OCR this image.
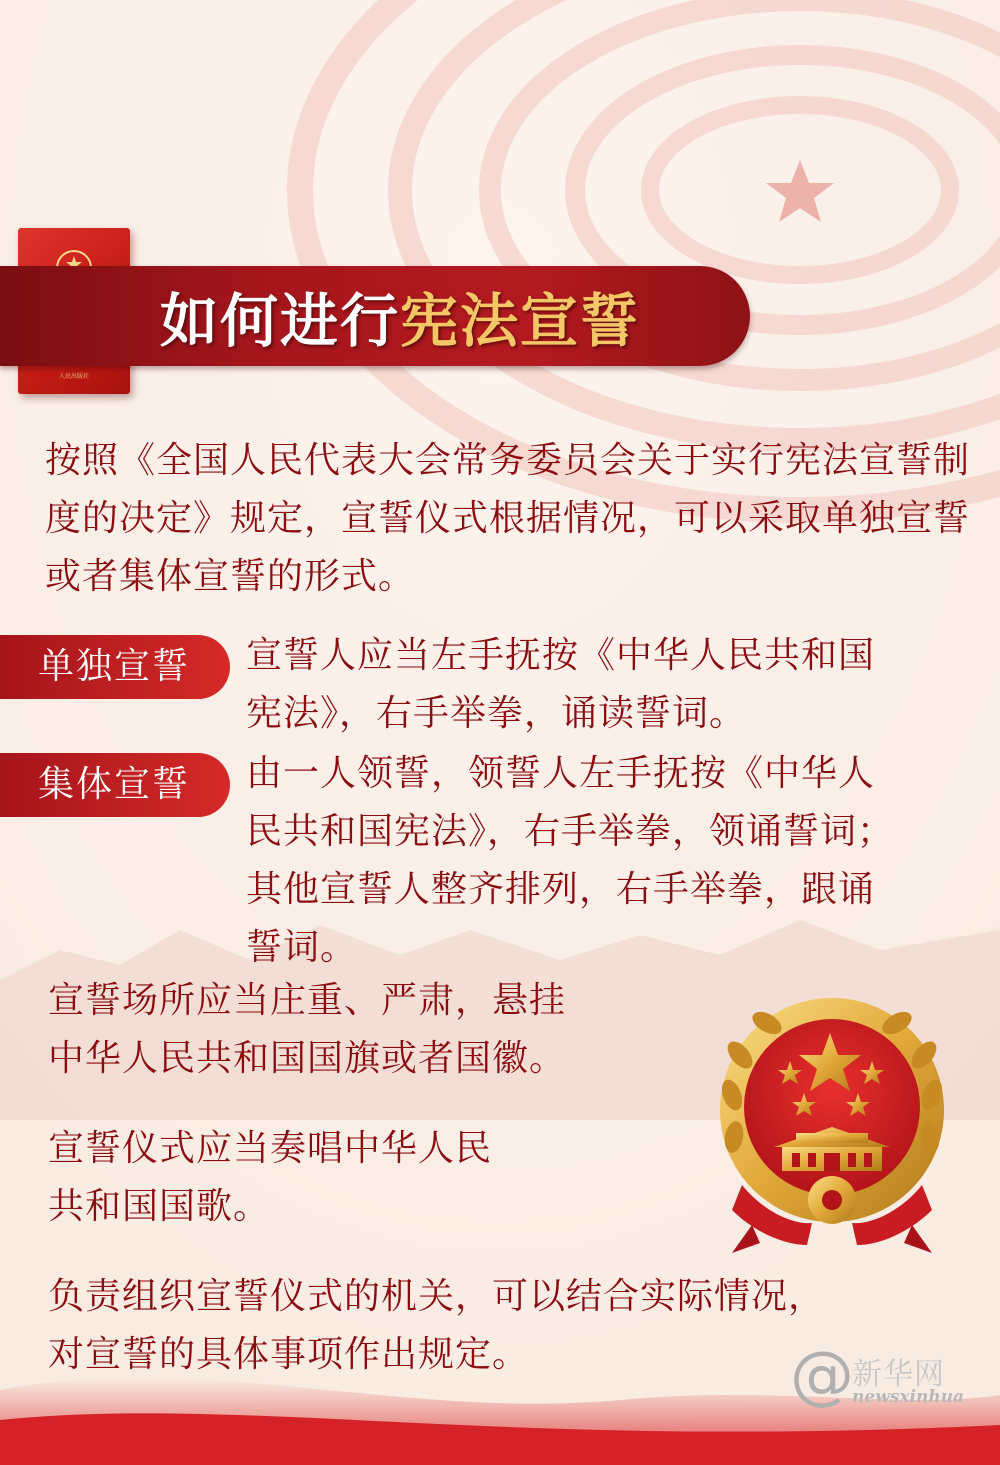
人民出版社
如何进行 宪法宣誓
按照《全国人民代表大会常务委员会关于实行宪法宣誓制度的决定》规定，宣誓仪式根据情况，可以采取单独宣誓或者集体宣誓的形式。
单独宣誓	宣誓人应当左手抚按《中华人民共和国
宪法》，右手举拳，诵读誓词。
集体宣誓	由一人领誓，领誓人左手抚按《中华人
民共和国宪法》，右手举拳，领诵誓词；
其他宣誓人整齐排列，右手举拳，跟诵
誓词。
宣誓场所应当庄重、严肃，悬挂
中华人民共和国国旗或者国徽。
宣誓仪式应当奏唱中华人民
共和国国歌。
负责组织宣誓仪式的机关，可以结合实际情况，
对宣誓的具体事项作出规定。	@
新华网
newsxinhua
